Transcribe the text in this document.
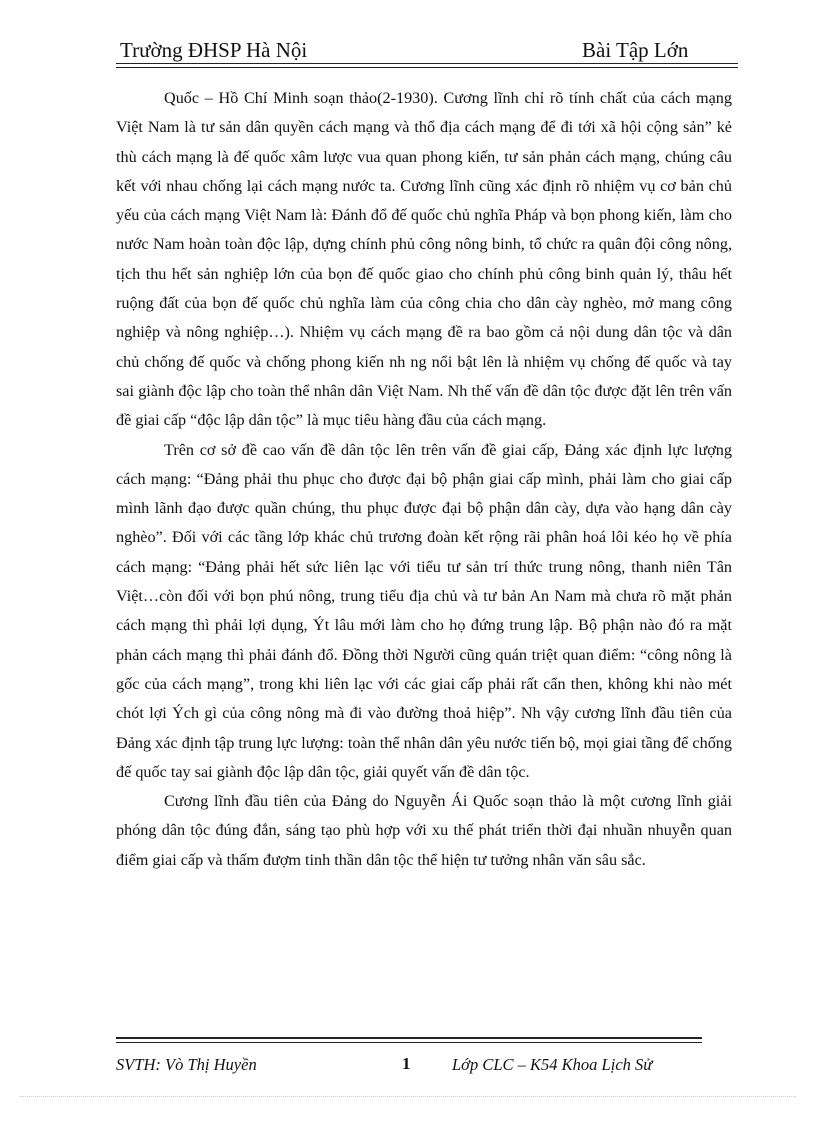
Trường ĐHSP Hà Nội	Bài Tập Lớn

Quốc – Hồ Chí Minh soạn thảo(2-1930). Cương lĩnh chỉ rõ tính chất của cách mạng Việt Nam là tư sản dân quyền cách mạng và thổ địa cách mạng để đi tới xã hội cộng sản” kẻ thù cách mạng là đế quốc xâm lược vua quan phong kiến, tư sản phản cách mạng, chúng câu kết với nhau chống lại cách mạng nước ta. Cương lĩnh cũng xác định rõ nhiệm vụ cơ bản chủ yếu của cách mạng Việt Nam là: Đánh đổ đế quốc chủ nghĩa Pháp và bọn phong kiến, làm cho nước Nam hoàn toàn độc lập, dựng chính phủ công nông binh, tổ chức ra quân đội công nông, tịch thu hết sản nghiệp lớn của bọn đế quốc giao cho chính phủ công binh quản lý, thâu hết ruộng đất của bọn đế quốc chủ nghĩa làm của công chia cho dân cày nghèo, mở mang công nghiệp và nông nghiệp…). Nhiệm vụ cách mạng đề ra bao gồm cả nội dung dân tộc và dân chủ chống đế quốc và chống phong kiến nh ng nổi bật lên là nhiệm vụ chống đế quốc và tay sai giành độc lập cho toàn thể nhân dân Việt Nam. Nh thế vấn đề dân tộc được đặt lên trên vấn đề giai cấp “độc lập dân tộc” là mục tiêu hàng đầu của cách mạng.

Trên cơ sở đề cao vấn đề dân tộc lên trên vấn đề giai cấp, Đảng xác định lực lượng cách mạng: “Đảng phải thu phục cho được đại bộ phận giai cấp mình, phải làm cho giai cấp mình lãnh đạo được quần chúng, thu phục được đại bộ phận dân cày, dựa vào hạng dân cày nghèo”. Đối với các tầng lớp khác chủ trương đoàn kết rộng rãi phân hoá lôi kéo họ về phía cách mạng: “Đảng phải hết sức liên lạc với tiểu tư sản trí thức trung nông, thanh niên Tân Việt…còn đối với bọn phú nông, trung tiểu địa chủ và tư bản An Nam mà chưa rõ mặt phản cách mạng thì phải lợi dụng, Ýt lâu mới làm cho họ đứng trung lập. Bộ phận nào đó ra mặt phản cách mạng thì phải đánh đổ. Đồng thời Người cũng quán triệt quan điểm: “công nông là gốc của cách mạng”, trong khi liên lạc với các giai cấp phải rất cẩn then, không khi nào mét chót lợi Ých gì của công nông mà đi vào đường thoả hiệp”. Nh vậy cương lĩnh đầu tiên của Đảng xác định tập trung lực lượng: toàn thể nhân dân yêu nước tiến bộ, mọi giai tầng để chống đế quốc tay sai giành độc lập dân tộc, giải quyết vấn đề dân tộc.

Cương lĩnh đầu tiên của Đảng do Nguyễn Ái Quốc soạn thảo là một cương lĩnh giải phóng dân tộc đúng đắn, sáng tạo phù hợp với xu thế phát triển thời đại nhuần nhuyễn quan điểm giai cấp và thấm đượm tinh thần dân tộc thể hiện tư tưởng nhân văn sâu sắc.

SVTH: Vò Thị Huyền	1	Lớp CLC – K54 Khoa Lịch Sử
